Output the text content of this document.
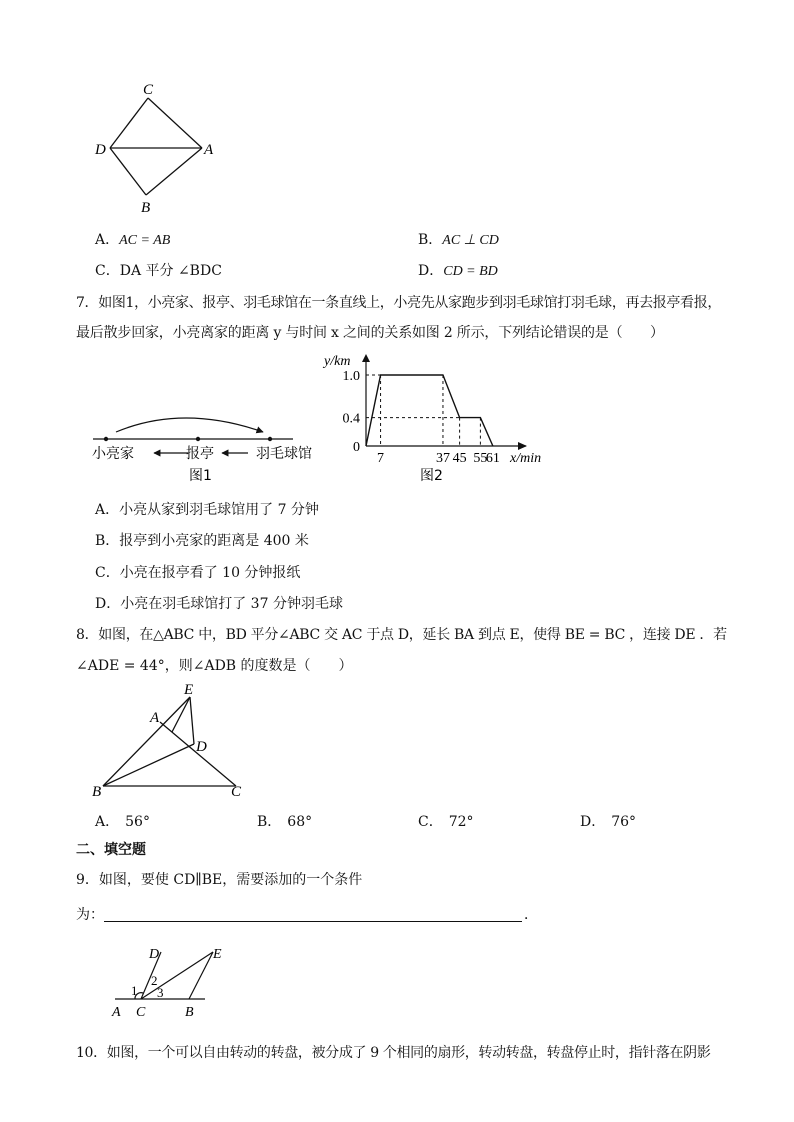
C
D	A
B
A．AC = AB	B．AC ⊥ CD
C．DA 平分 ∠BDC	D．CD = BD
7．如图1，小亮家、报亭、羽毛球馆在一条直线上，小亮先从家跑步到羽毛球馆打羽毛球，再去报亭看报，
最后散步回家，小亮离家的距离 y 与时间 x 之间的关系如图 2 所示，下列结论错误的是（　　）
小亮家	报亭	羽毛球馆
图1
1.0
0.4
0
7	37 45 55
61
y/km
x/min
图2
A．小亮从家到羽毛球馆用了 7 分钟
B．报亭到小亮家的距离是 400 米
C．小亮在报亭看了 10 分钟报纸
D．小亮在羽毛球馆打了 37 分钟羽毛球
8．如图，在△ABC 中，BD 平分∠ABC 交 AC 于点 D，延长 BA 到点 E，使得 BE = BC ，连接 DE ．若
∠ADE = 44°，则∠ADB 的度数是（　　）
E
A
D
B	C
A． 56°	B． 68°	C． 72°	D． 76°
二、填空题
9．如图，要使 CD∥BE，需要添加的一个条件
为：	．
D	E
1
2
3
A C	B
10．如图，一个可以自由转动的转盘，被分成了 9 个相同的扇形，转动转盘，转盘停止时，指针落在阴影
